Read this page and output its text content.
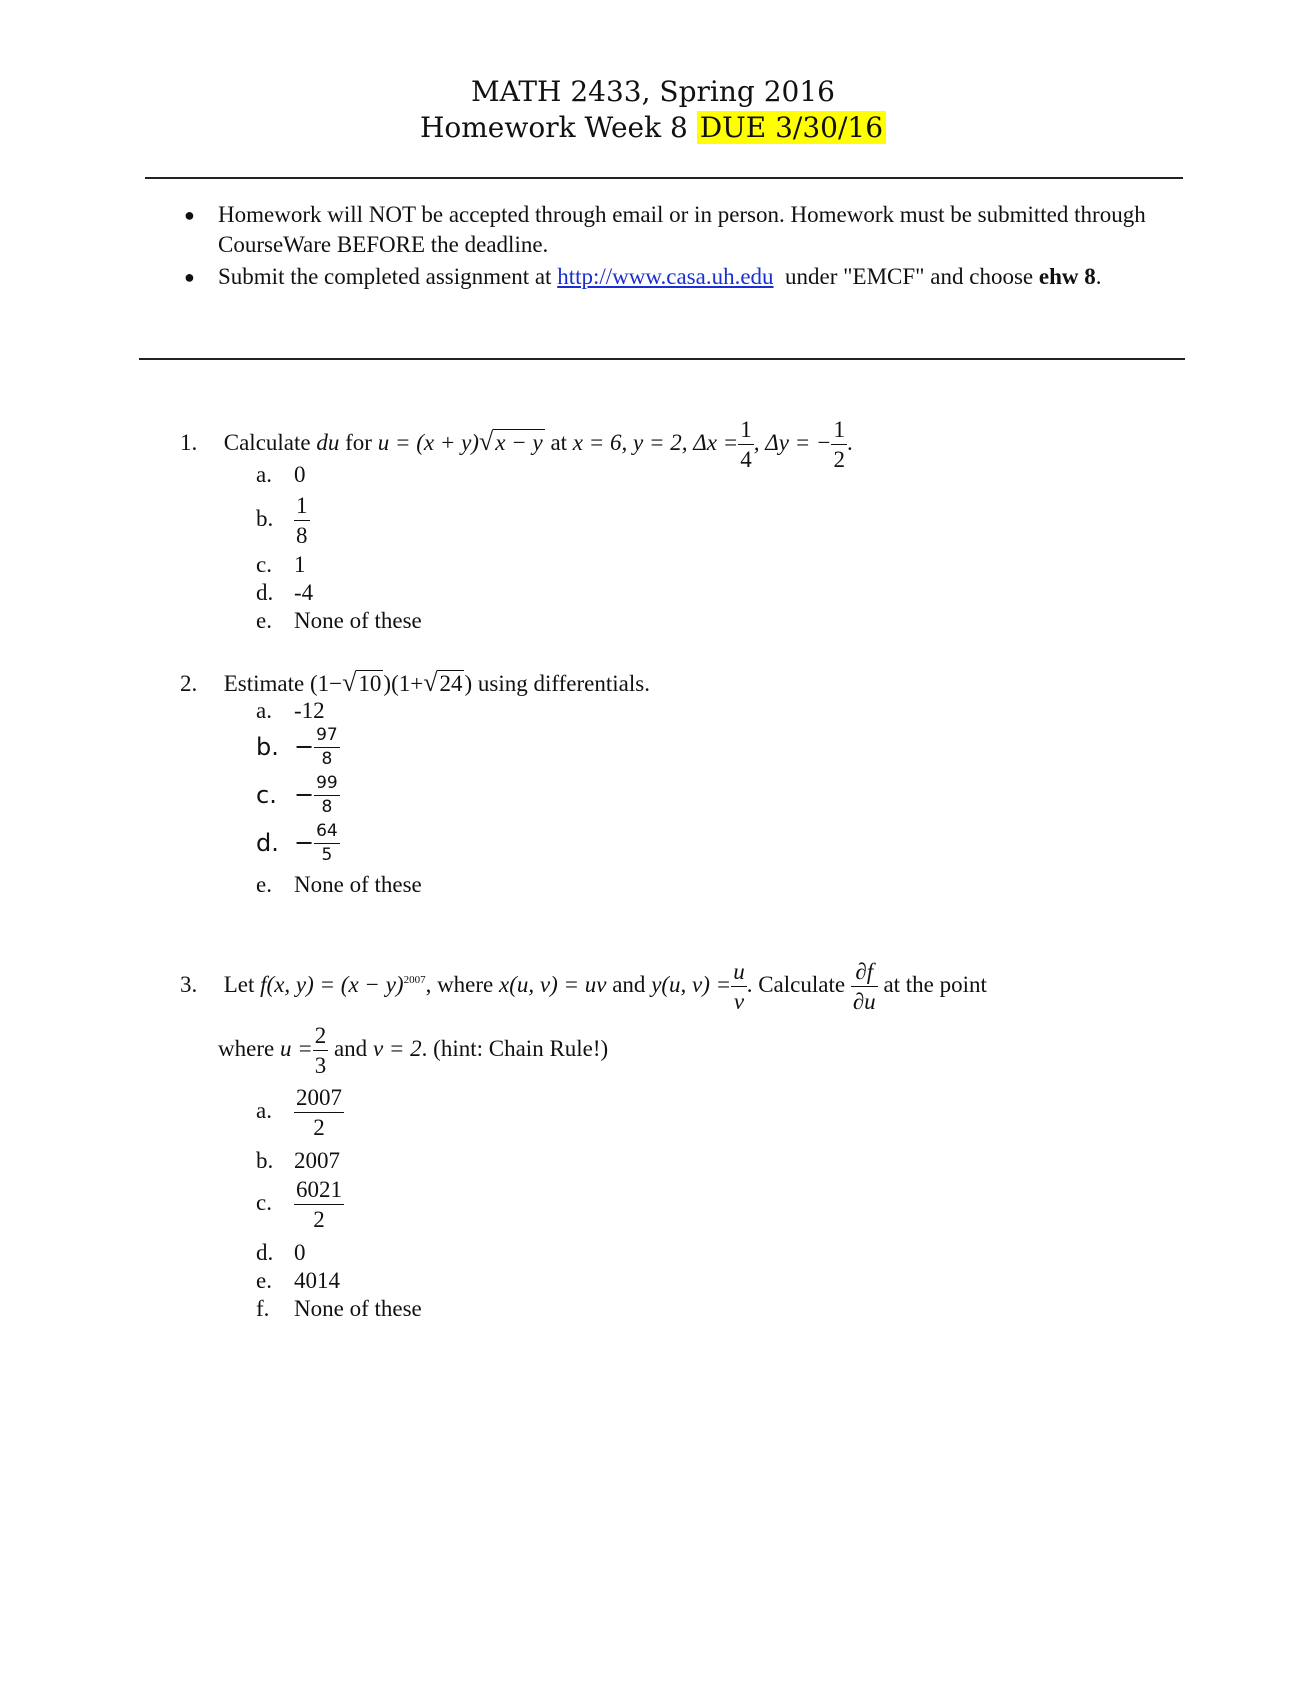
MATH 2433, Spring 2016
Homework Week 8 DUE 3/30/16
● Homework will NOT be accepted through email or in person. Homework must be submitted through CourseWare BEFORE the deadline.
● Submit the completed assignment at http://www.casa.uh.edu under "EMCF" and choose ehw 8.
1. Calculate du for u = (x + y)√x − y at x = 6, y = 2, $\Delta x = \frac{1}{4}$ , Δy = − $\frac{1}{2}$ .
a. 0
b. $\frac{1}{8}$
c. 1
d. -4
e. None of these
2. Estimate (1−√10)(1+√24) using differentials.
a. -12
b. − $\frac{97}{8}$
c. − $\frac{99}{8}$
d. − $\frac{64}{5}$
e. None of these
3. Let f(x, $y) = (x - y)^{2007}$, where x(u, v) = uv and y(u, $v) = \frac{u}{v}$ . Calculate $\frac{\partial f}{\partial u}$ at the point
where $u = \frac{2}{3}$ and v = 2. (hint: Chain Rule!)
a. $\frac{2007}{2}$
b. 2007
c. $\frac{6021}{2}$
d. 0
e. 4014
f. None of these
